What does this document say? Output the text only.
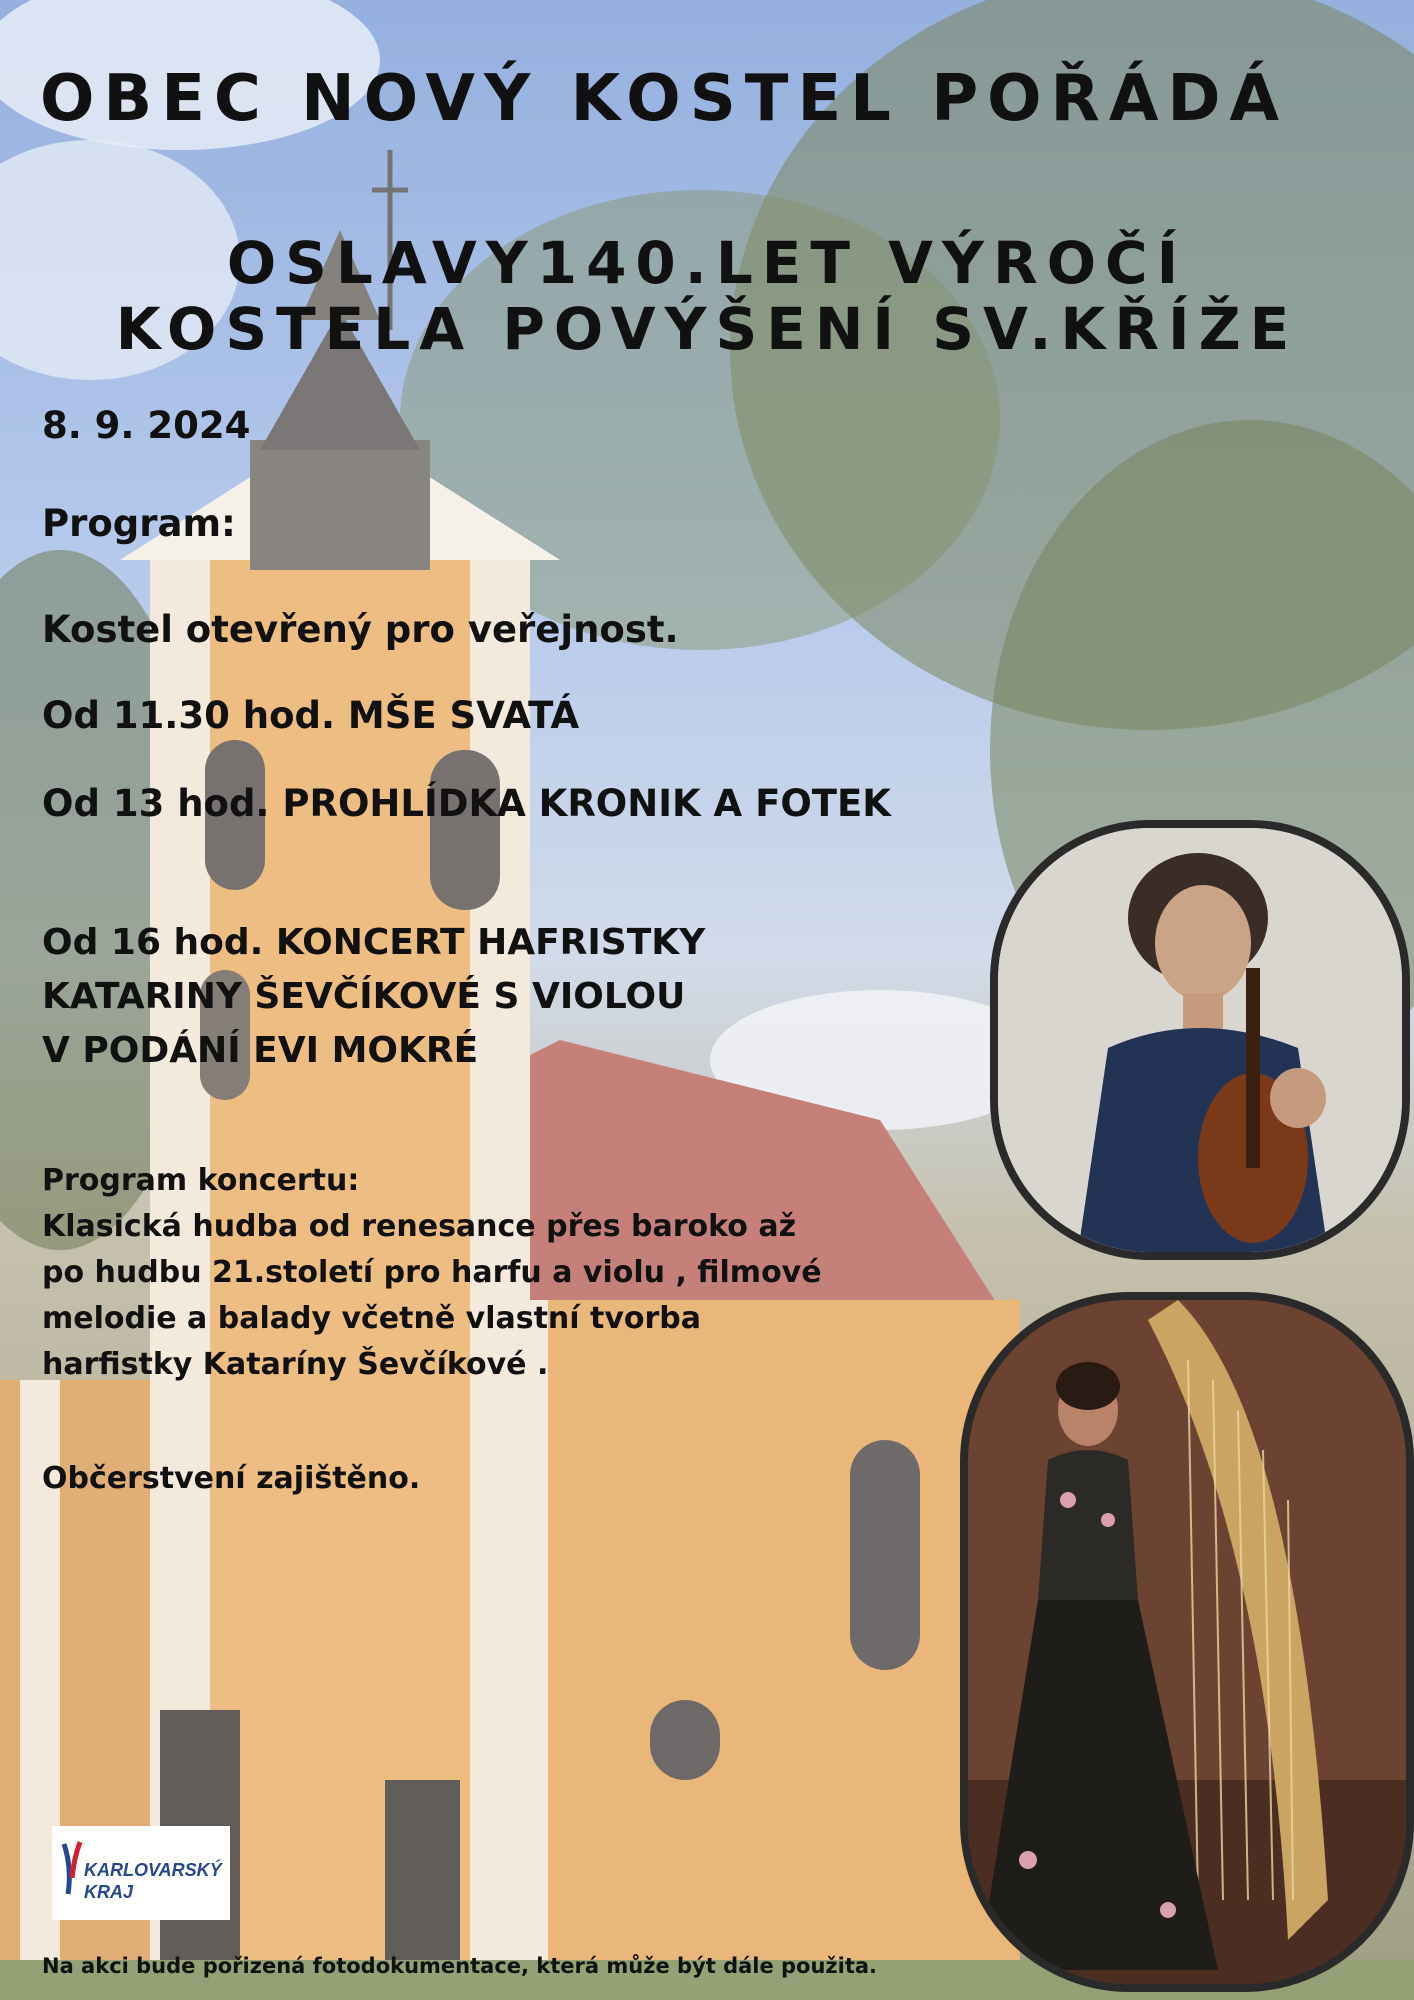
OBEC NOVÝ KOSTEL POŘÁDÁ
OSLAVY140.LET VÝROČÍ
KOSTELA POVÝŠENÍ SV.KŘÍŽE

8. 9. 2024

Program:

Kostel otevřený pro veřejnost.

Od 11.30 hod. MŠE SVATÁ

Od 13 hod. PROHLÍDKA KRONIK A FOTEK

Od 16 hod. KONCERT HAFRISTKY
KATARINY ŠEVČÍKOVÉ S VIOLOU
V PODÁNÍ EVI MOKRÉ
Program koncertu:
Klasická hudba od renesance přes baroko až
po hudbu 21.století pro harfu a violu , filmové
melodie a balady včetně vlastní tvorba
harfistky Kataríny Ševčíkové .

Občerstvení zajištěno.

KARLOVARSKÝ

KRAJ

Na akci bude pořizená fotodokumentace, která může být dále použita.
